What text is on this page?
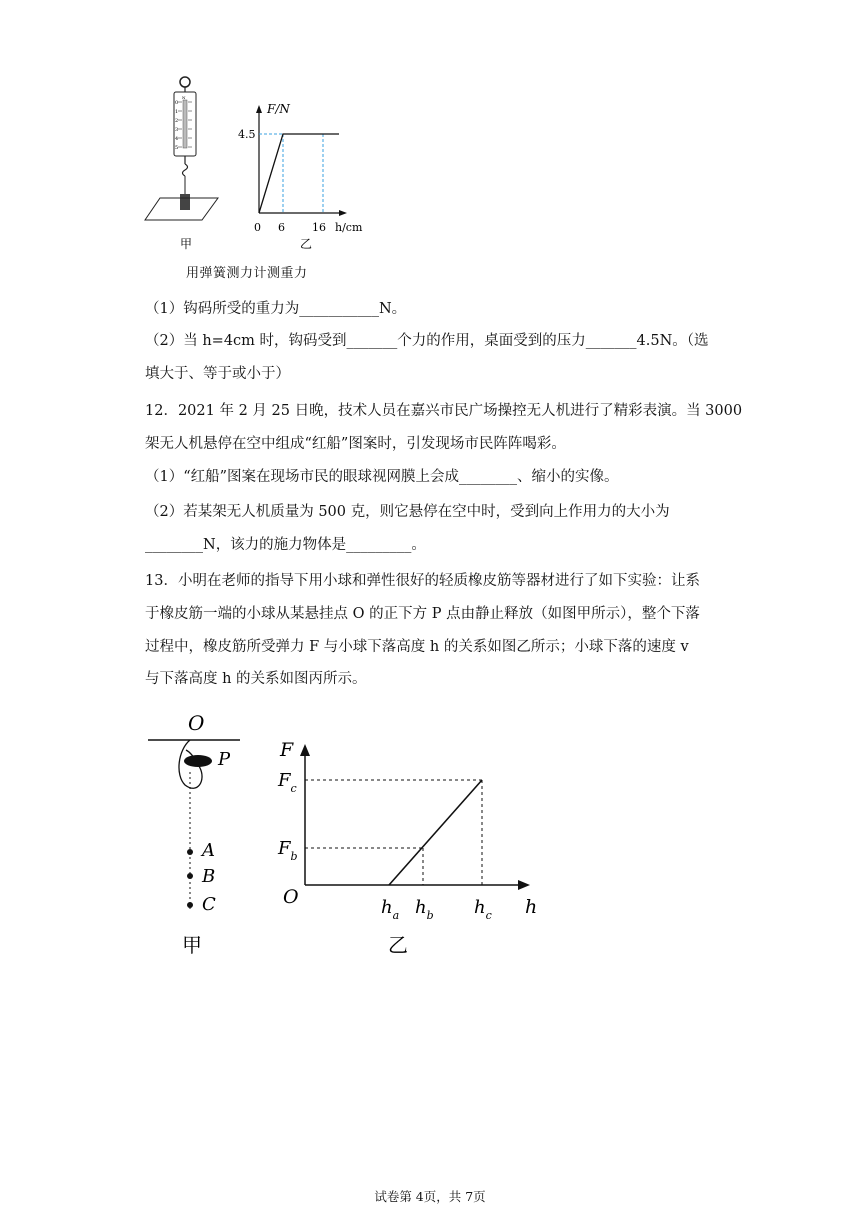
N
0
1
2
3
4
5
甲
F/N
4.5
h/cm
0 6 16
乙
用弹簧测力计测重力
（1）钩码所受的重力为___________N。
（2）当 h=4cm 时，钩码受到_______个力的作用，桌面受到的压力_______4.5N。（选
填大于、等于或小于）
12．2021 年 2 月 25 日晚，技术人员在嘉兴市民广场操控无人机进行了精彩表演。当 3000
架无人机悬停在空中组成“红船”图案时，引发现场市民阵阵喝彩。
（1）“红船”图案在现场市民的眼球视网膜上会成________、缩小的实像。
（2）若某架无人机质量为 500 克，则它悬停在空中时，受到向上作用力的大小为
________N，该力的施力物体是_________。
13．小明在老师的指导下用小球和弹性很好的轻质橡皮筋等器材进行了如下实验：让系
于橡皮筋一端的小球从某悬挂点 O 的正下方 P 点由静止释放（如图甲所示），整个下落
过程中，橡皮筋所受弹力 F 与小球下落高度 h 的关系如图乙所示；小球下落的速度 v
与下落高度 h 的关系如图丙所示。
O
P
A
B
C
甲
F
h
O
$F_c$
$F_b$
$h_a$ $h_b$ $h_c$
乙
试卷第 4页，共 7页
